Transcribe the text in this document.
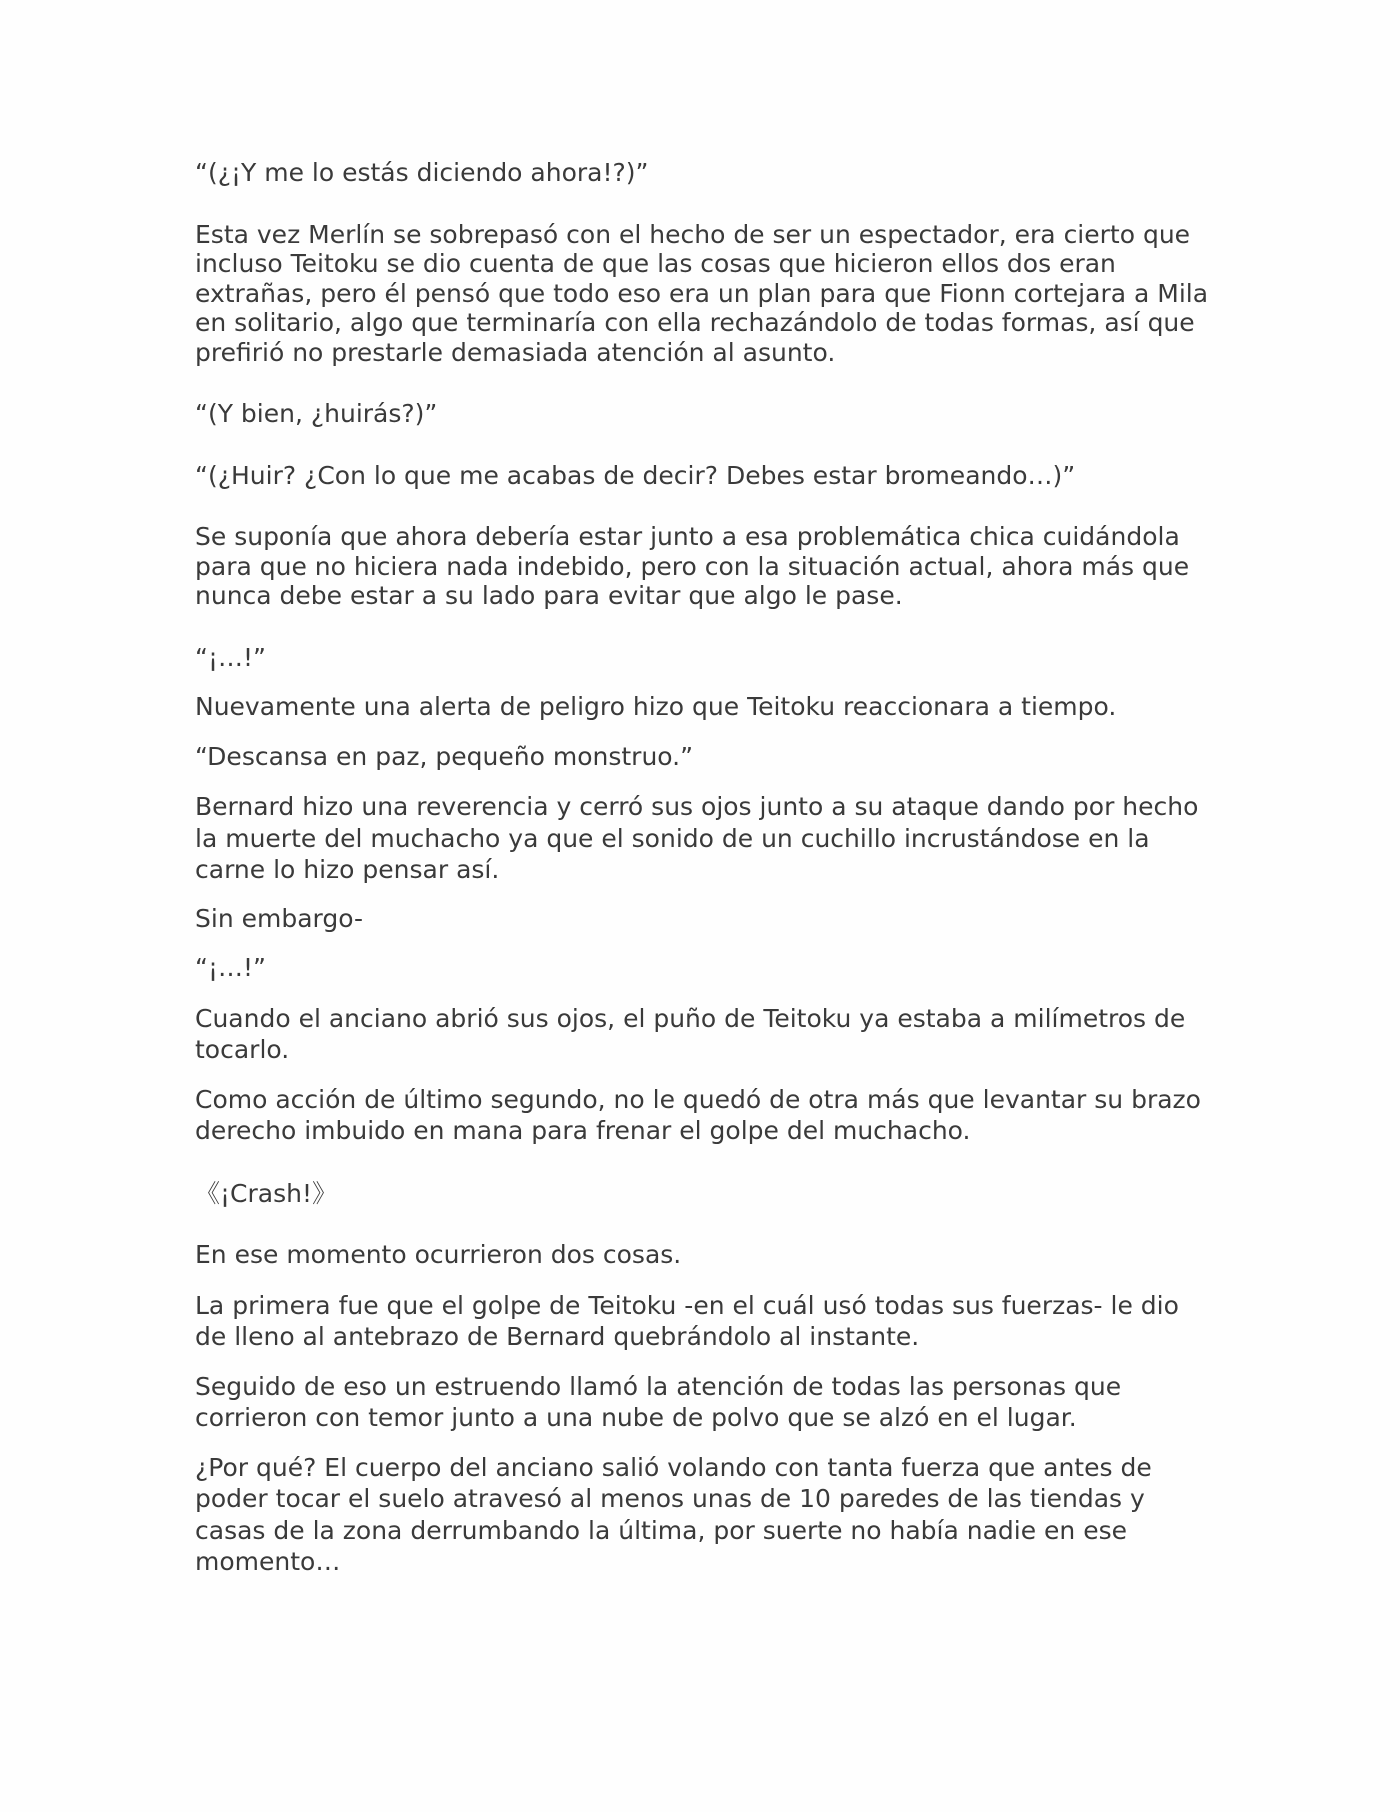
“(¿¡Y me lo estás diciendo ahora!?)”

Esta vez Merlín se sobrepasó con el hecho de ser un espectador, era cierto que incluso Teitoku se dio cuenta de que las cosas que hicieron ellos dos eran extrañas, pero él pensó que todo eso era un plan para que Fionn cortejara a Mila en solitario, algo que terminaría con ella rechazándolo de todas formas, así que prefirió no prestarle demasiada atención al asunto.

“(Y bien, ¿huirás?)”

“(¿Huir? ¿Con lo que me acabas de decir? Debes estar bromeando…)”

Se suponía que ahora debería estar junto a esa problemática chica cuidándola para que no hiciera nada indebido, pero con la situación actual, ahora más que nunca debe estar a su lado para evitar que algo le pase.

“¡…!”

Nuevamente una alerta de peligro hizo que Teitoku reaccionara a tiempo.

“Descansa en paz, pequeño monstruo.”

Bernard hizo una reverencia y cerró sus ojos junto a su ataque dando por hecho la muerte del muchacho ya que el sonido de un cuchillo incrustándose en la carne lo hizo pensar así.

Sin embargo-

“¡…!”

Cuando el anciano abrió sus ojos, el puño de Teitoku ya estaba a milímetros de tocarlo.

Como acción de último segundo, no le quedó de otra más que levantar su brazo derecho imbuido en mana para frenar el golpe del muchacho.

《¡Crash!》

En ese momento ocurrieron dos cosas.

La primera fue que el golpe de Teitoku -en el cuál usó todas sus fuerzas- le dio de lleno al antebrazo de Bernard quebrándolo al instante.

Seguido de eso un estruendo llamó la atención de todas las personas que corrieron con temor junto a una nube de polvo que se alzó en el lugar.

¿Por qué? El cuerpo del anciano salió volando con tanta fuerza que antes de poder tocar el suelo atravesó al menos unas de 10 paredes de las tiendas y casas de la zona derrumbando la última, por suerte no había nadie en ese momento…
